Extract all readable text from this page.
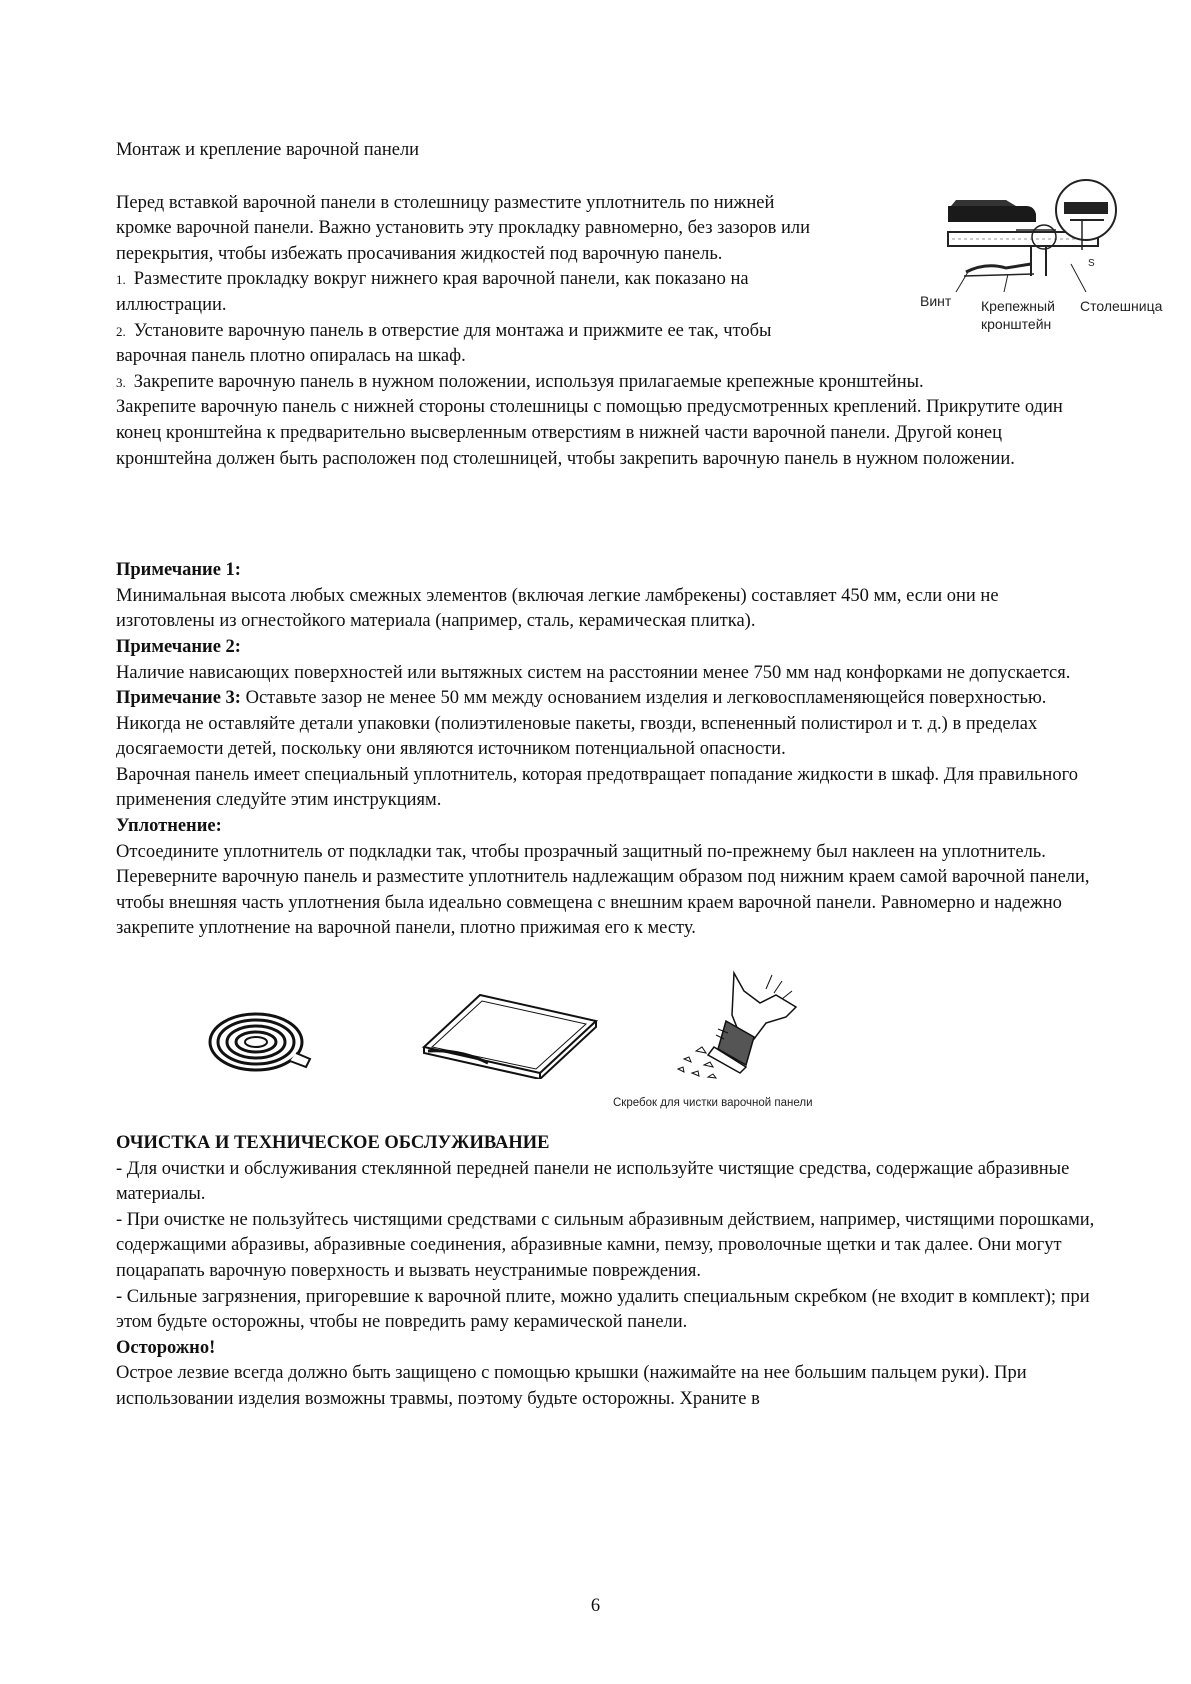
Монтаж и крепление варочной панели

Перед вставкой варочной панели в столешницу разместите уплотнитель по нижней кромке варочной панели. Важно установить эту прокладку равномерно, без зазоров или перекрытия, чтобы избежать просачивания жидкостей под варочную панель.

1. Разместите прокладку вокруг нижнего края варочной панели, как показано на иллюстрации.

2. Установите варочную панель в отверстие для монтажа и прижмите ее так, чтобы варочная панель плотно опиралась на шкаф.

3. Закрепите варочную панель в нужном положении, используя прилагаемые крепежные кронштейны.

Закрепите варочную панель с нижней стороны столешницы с помощью предусмотренных креплений. Прикрутите один конец кронштейна к предварительно высверленным отверстиям в нижней части варочной панели. Другой конец кронштейна должен быть расположен под столешницей, чтобы закрепить варочную панель в нужном положении.

S
Винт Крепежный кронштейн
Столешница

Примечание 1:

Минимальная высота любых смежных элементов (включая легкие ламбрекены) составляет 450 мм, если они не изготовлены из огнестойкого материала (например, сталь, керамическая плитка).

Примечание 2:

Наличие нависающих поверхностей или вытяжных систем на расстоянии менее 750 мм над конфорками не допускается.

Примечание 3: Оставьте зазор не менее 50 мм между основанием изделия и легковоспламеняющейся поверхностью. Никогда не оставляйте детали упаковки (полиэтиленовые пакеты, гвозди, вспененный полистирол и т. д.) в пределах досягаемости детей, поскольку они являются источником потенциальной опасности.

Варочная панель имеет специальный уплотнитель, которая предотвращает попадание жидкости в шкаф. Для правильного применения следуйте этим инструкциям.

Уплотнение:

Отсоедините уплотнитель от подкладки так, чтобы прозрачный защитный по-прежнему был наклеен на уплотнитель. Переверните варочную панель и разместите уплотнитель надлежащим образом под нижним краем самой варочной панели, чтобы внешняя часть уплотнения была идеально совмещена с внешним краем варочной панели. Равномерно и надежно закрепите уплотнение на варочной панели, плотно прижимая его к месту.

Скребок для чистки варочной панели

ОЧИСТКА И ТЕХНИЧЕСКОЕ ОБСЛУЖИВАНИЕ

- Для очистки и обслуживания стеклянной передней панели не используйте чистящие средства, содержащие абразивные материалы.

- При очистке не пользуйтесь чистящими средствами с сильным абразивным действием, например, чистящими порошками, содержащими абразивы, абразивные соединения, абразивные камни, пемзу, проволочные щетки и так далее. Они могут поцарапать варочную поверхность и вызвать неустранимые повреждения.

- Сильные загрязнения, пригоревшие к варочной плите, можно удалить специальным скребком (не входит в комплект); при этом будьте осторожны, чтобы не повредить раму керамической панели.

Осторожно!

Острое лезвие всегда должно быть защищено с помощью крышки (нажимайте на нее большим пальцем руки). При использовании изделия возможны травмы, поэтому будьте осторожны. Храните в

6
